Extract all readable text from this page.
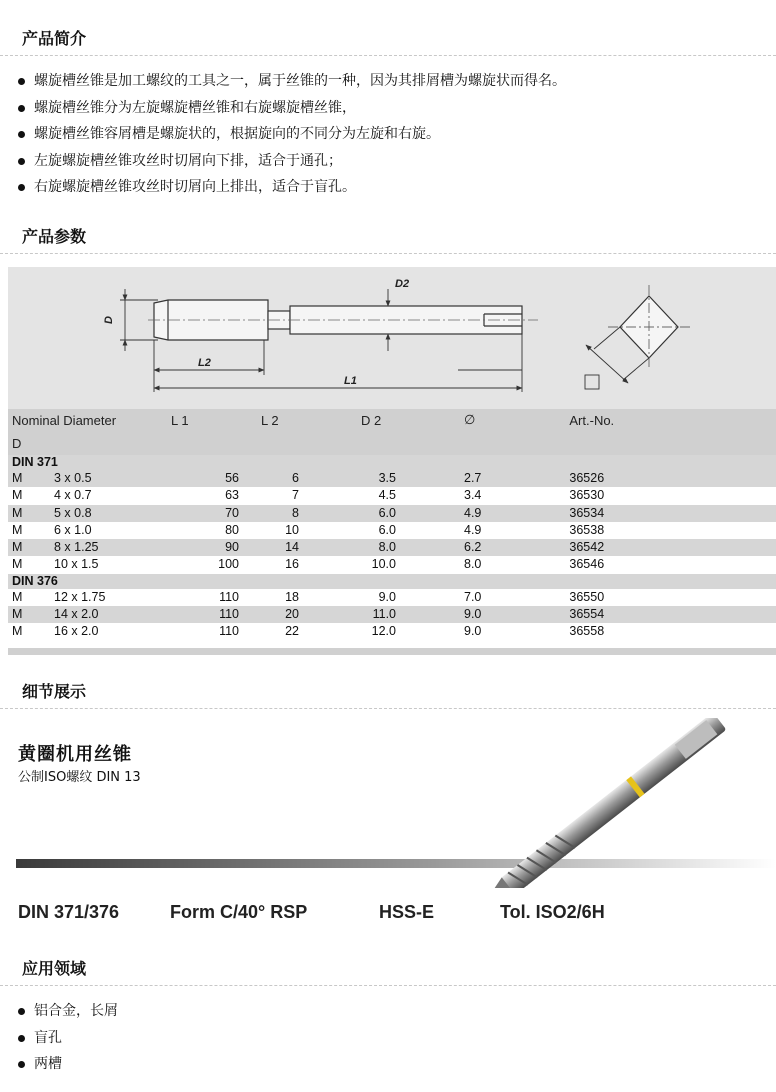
产品简介
螺旋槽丝锥是加工螺纹的工具之一，属于丝锥的一种，因为其排屑槽为螺旋状而得名。
螺旋槽丝锥分为左旋螺旋槽丝锥和右旋螺旋槽丝锥，
螺旋槽丝锥容屑槽是螺旋状的，根据旋向的不同分为左旋和右旋。
左旋螺旋槽丝锥攻丝时切屑向下排，适合于通孔；
右旋螺旋槽丝锥攻丝时切屑向上排出，适合于盲孔。
产品参数
D
D2
L2
L1
Nominal Diameter		L 1	L 2	D 2	∅	Art.-No.
D						
DIN 371						
M	3 x 0.5	56	6	3.5	2.7	36526
M	4 x 0.7	63	7	4.5	3.4	36530
M	5 x 0.8	70	8	6.0	4.9	36534
M	6 x 1.0	80	10	6.0	4.9	36538
M	8 x 1.25	90	14	8.0	6.2	36542
M	10 x 1.5	100	16	10.0	8.0	36546
DIN 376						
M	12 x 1.75	110	18	9.0	7.0	36550
M	14 x 2.0	110	20	11.0	9.0	36554
M	16 x 2.0	110	22	12.0	9.0	36558
细节展示
黄圈机用丝锥
公制ISO螺纹 DIN 13
DIN 371/376	Form C/40° RSP	HSS-E	Tol. ISO2/6H
应用领域
铝合金，长屑
盲孔
两槽
